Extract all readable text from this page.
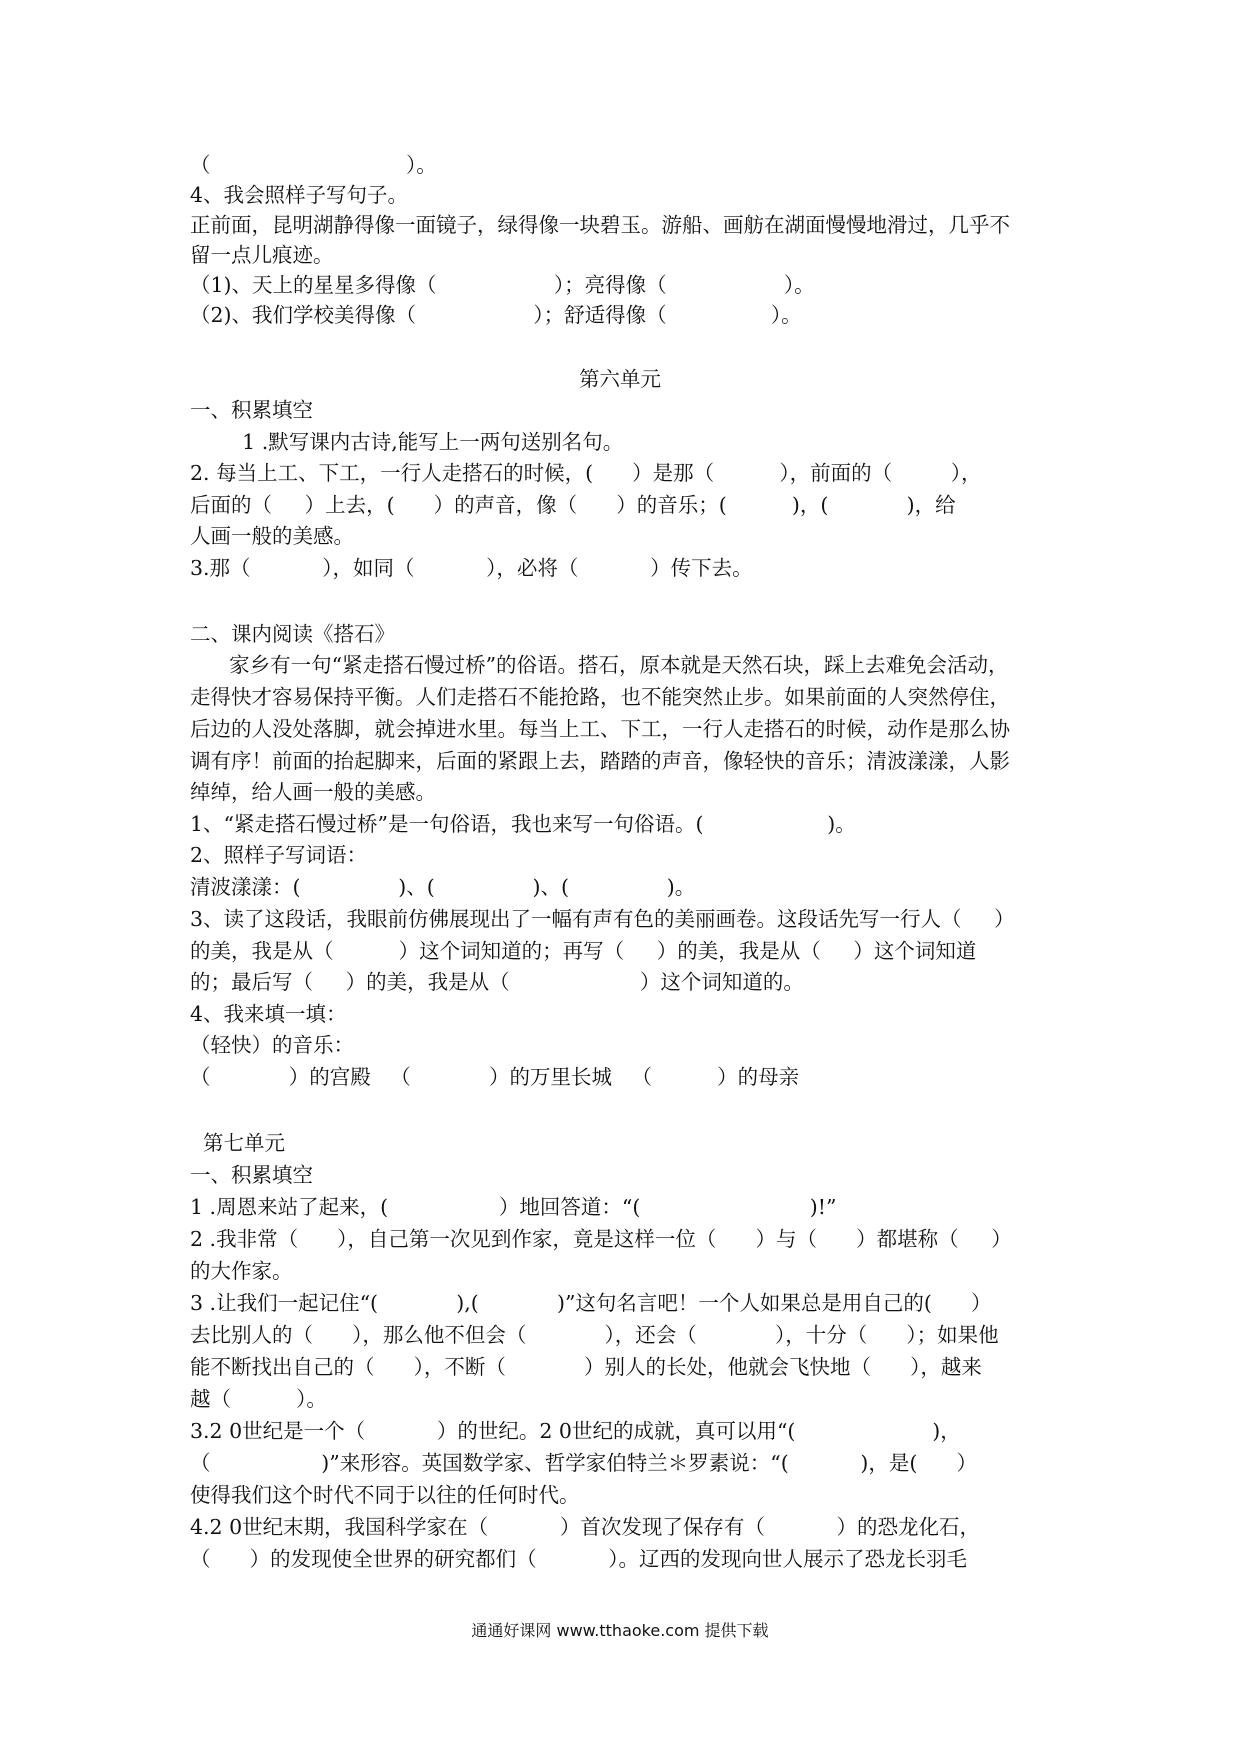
（                              ）。
4、我会照样子写句子。
正前面，昆明湖静得像一面镜子，绿得像一块碧玉。游船、画舫在湖面慢慢地滑过，几乎不
留一点儿痕迹。
（1)、天上的星星多得像（                  ）；亮得像（                  ）。
（2)、我们学校美得像（                  ）；舒适得像（                ）。
第六单元
一、积累填空
1 .默写课内古诗,能写上一两句送别名句。
2. 每当上工、下工，一行人走搭石的时候，(      ）是那（          ），前面的（         ），
后面的（     ）上去，(      ）的声音，像（      ）的音乐；(          )，(            )，给
人画一般的美感。
3.那（           ），如同（           ），必将（           ）传下去。
二、课内阅读《搭石》
家乡有一句“紧走搭石慢过桥”的俗语。搭石，原本就是天然石块，踩上去难免会活动，
走得快才容易保持平衡。人们走搭石不能抢路，也不能突然止步。如果前面的人突然停住，
后边的人没处落脚，就会掉进水里。每当上工、下工，一行人走搭石的时候，动作是那么协
调有序！前面的抬起脚来，后面的紧跟上去，踏踏的声音，像轻快的音乐；清波漾漾，人影
绰绰，给人画一般的美感。
1、“紧走搭石慢过桥”是一句俗语，我也来写一句俗语。(                   )。
2、照样子写词语：
清波漾漾：(               )、(               )、(               )。
3、读了这段话，我眼前仿佛展现出了一幅有声有色的美丽画卷。这段话先写一行人（     ）
的美，我是从（          ）这个词知道的；再写（     ）的美，我是从（     ）这个词知道
的；最后写（     ）的美，我是从（                    ）这个词知道的。
4、我来填一填：
（轻快）的音乐：
（            ）的宫殿   （            ）的万里长城   （          ）的母亲
第七单元
一、积累填空
1 .周恩来站了起来，(                 ）地回答道：“(                          )!”
2 .我非常（      ），自己第一次见到作家，竟是这样一位（      ）与（      ）都堪称（     ）
的大作家。
3 .让我们一起记住“(            ),(            )”这句名言吧！一个人如果总是用自己的(      ）
去比别人的（      ），那么他不但会（            ），还会（            ），十分（      ）；如果他
能不断找出自己的（      ），不断（            ）别人的长处，他就会飞快地（      ），越来
越（          ）。
3.2 0世纪是一个（           ）的世纪。2 0世纪的成就，真可以用“(                     )，
（                 )”来形容。英国数学家、哲学家伯特兰＊罗素说：“(           )，是(      ）
使得我们这个时代不同于以往的任何时代。
4.2 0世纪末期，我国科学家在（           ）首次发现了保存有（           ）的恐龙化石，
（      ）的发现使全世界的研究都们（           ）。辽西的发现向世人展示了恐龙长羽毛
通通好课网 www.tthaoke.com 提供下载
